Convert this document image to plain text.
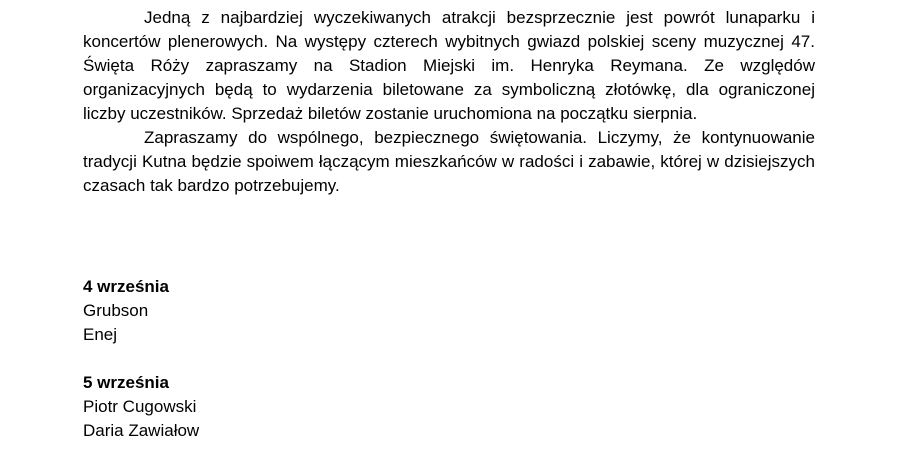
Jedną z najbardziej wyczekiwanych atrakcji bezsprzecznie jest powrót lunaparku i koncertów plenerowych. Na występy czterech wybitnych gwiazd polskiej sceny muzycznej 47. Święta Róży zapraszamy na Stadion Miejski im. Henryka Reymana. Ze względów organizacyjnych będą to wydarzenia biletowane za symboliczną złotówkę, dla ograniczonej liczby uczestników. Sprzedaż biletów zostanie uruchomiona na początku sierpnia.

Zapraszamy do wspólnego, bezpiecznego świętowania. Liczymy, że kontynuowanie tradycji Kutna będzie spoiwem łączącym mieszkańców w radości i zabawie, której w dzisiejszych czasach tak bardzo potrzebujemy.

4 września

Grubson

Enej

5 września

Piotr Cugowski

Daria Zawiałow
